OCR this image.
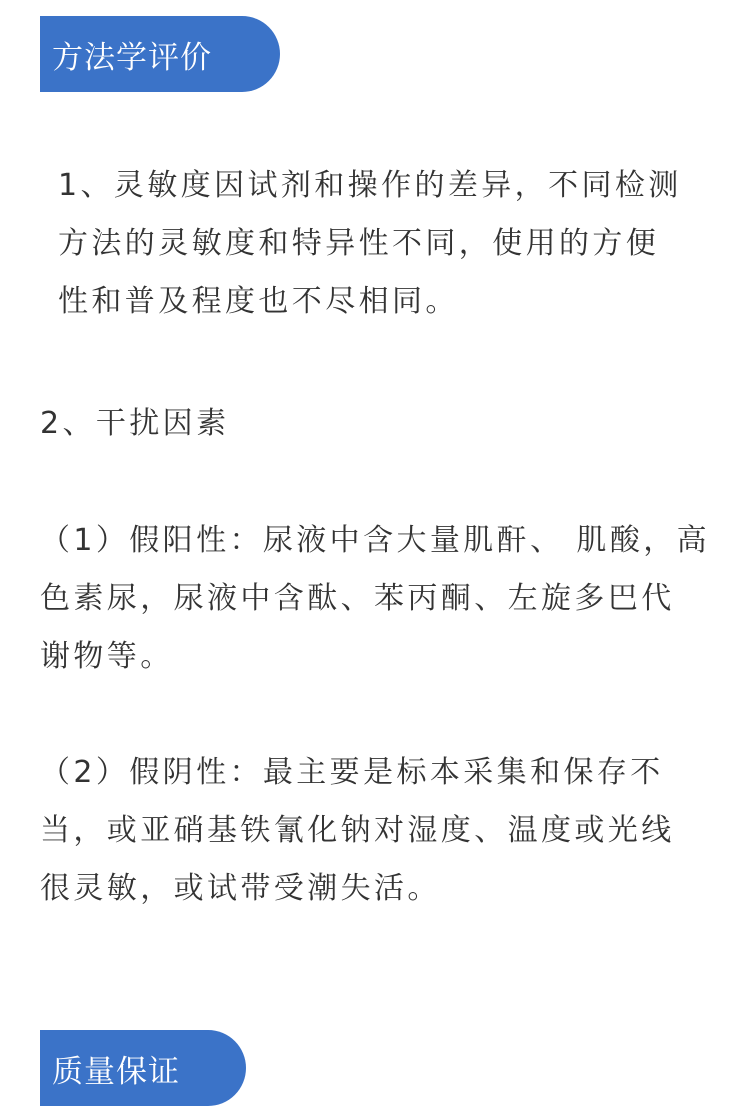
方法学评价

1、灵敏度因试剂和操作的差异，不同检测
方法的灵敏度和特异性不同，使用的方便
性和普及程度也不尽相同。

2、干扰因素

（1）假阳性：尿液中含大量肌酐、 肌酸，高
色素尿，尿液中含酞、苯丙酮、左旋多巴代
谢物等。

（2）假阴性：最主要是标本采集和保存不
当，或亚硝基铁氰化钠对湿度、温度或光线
很灵敏，或试带受潮失活。

质量保证
